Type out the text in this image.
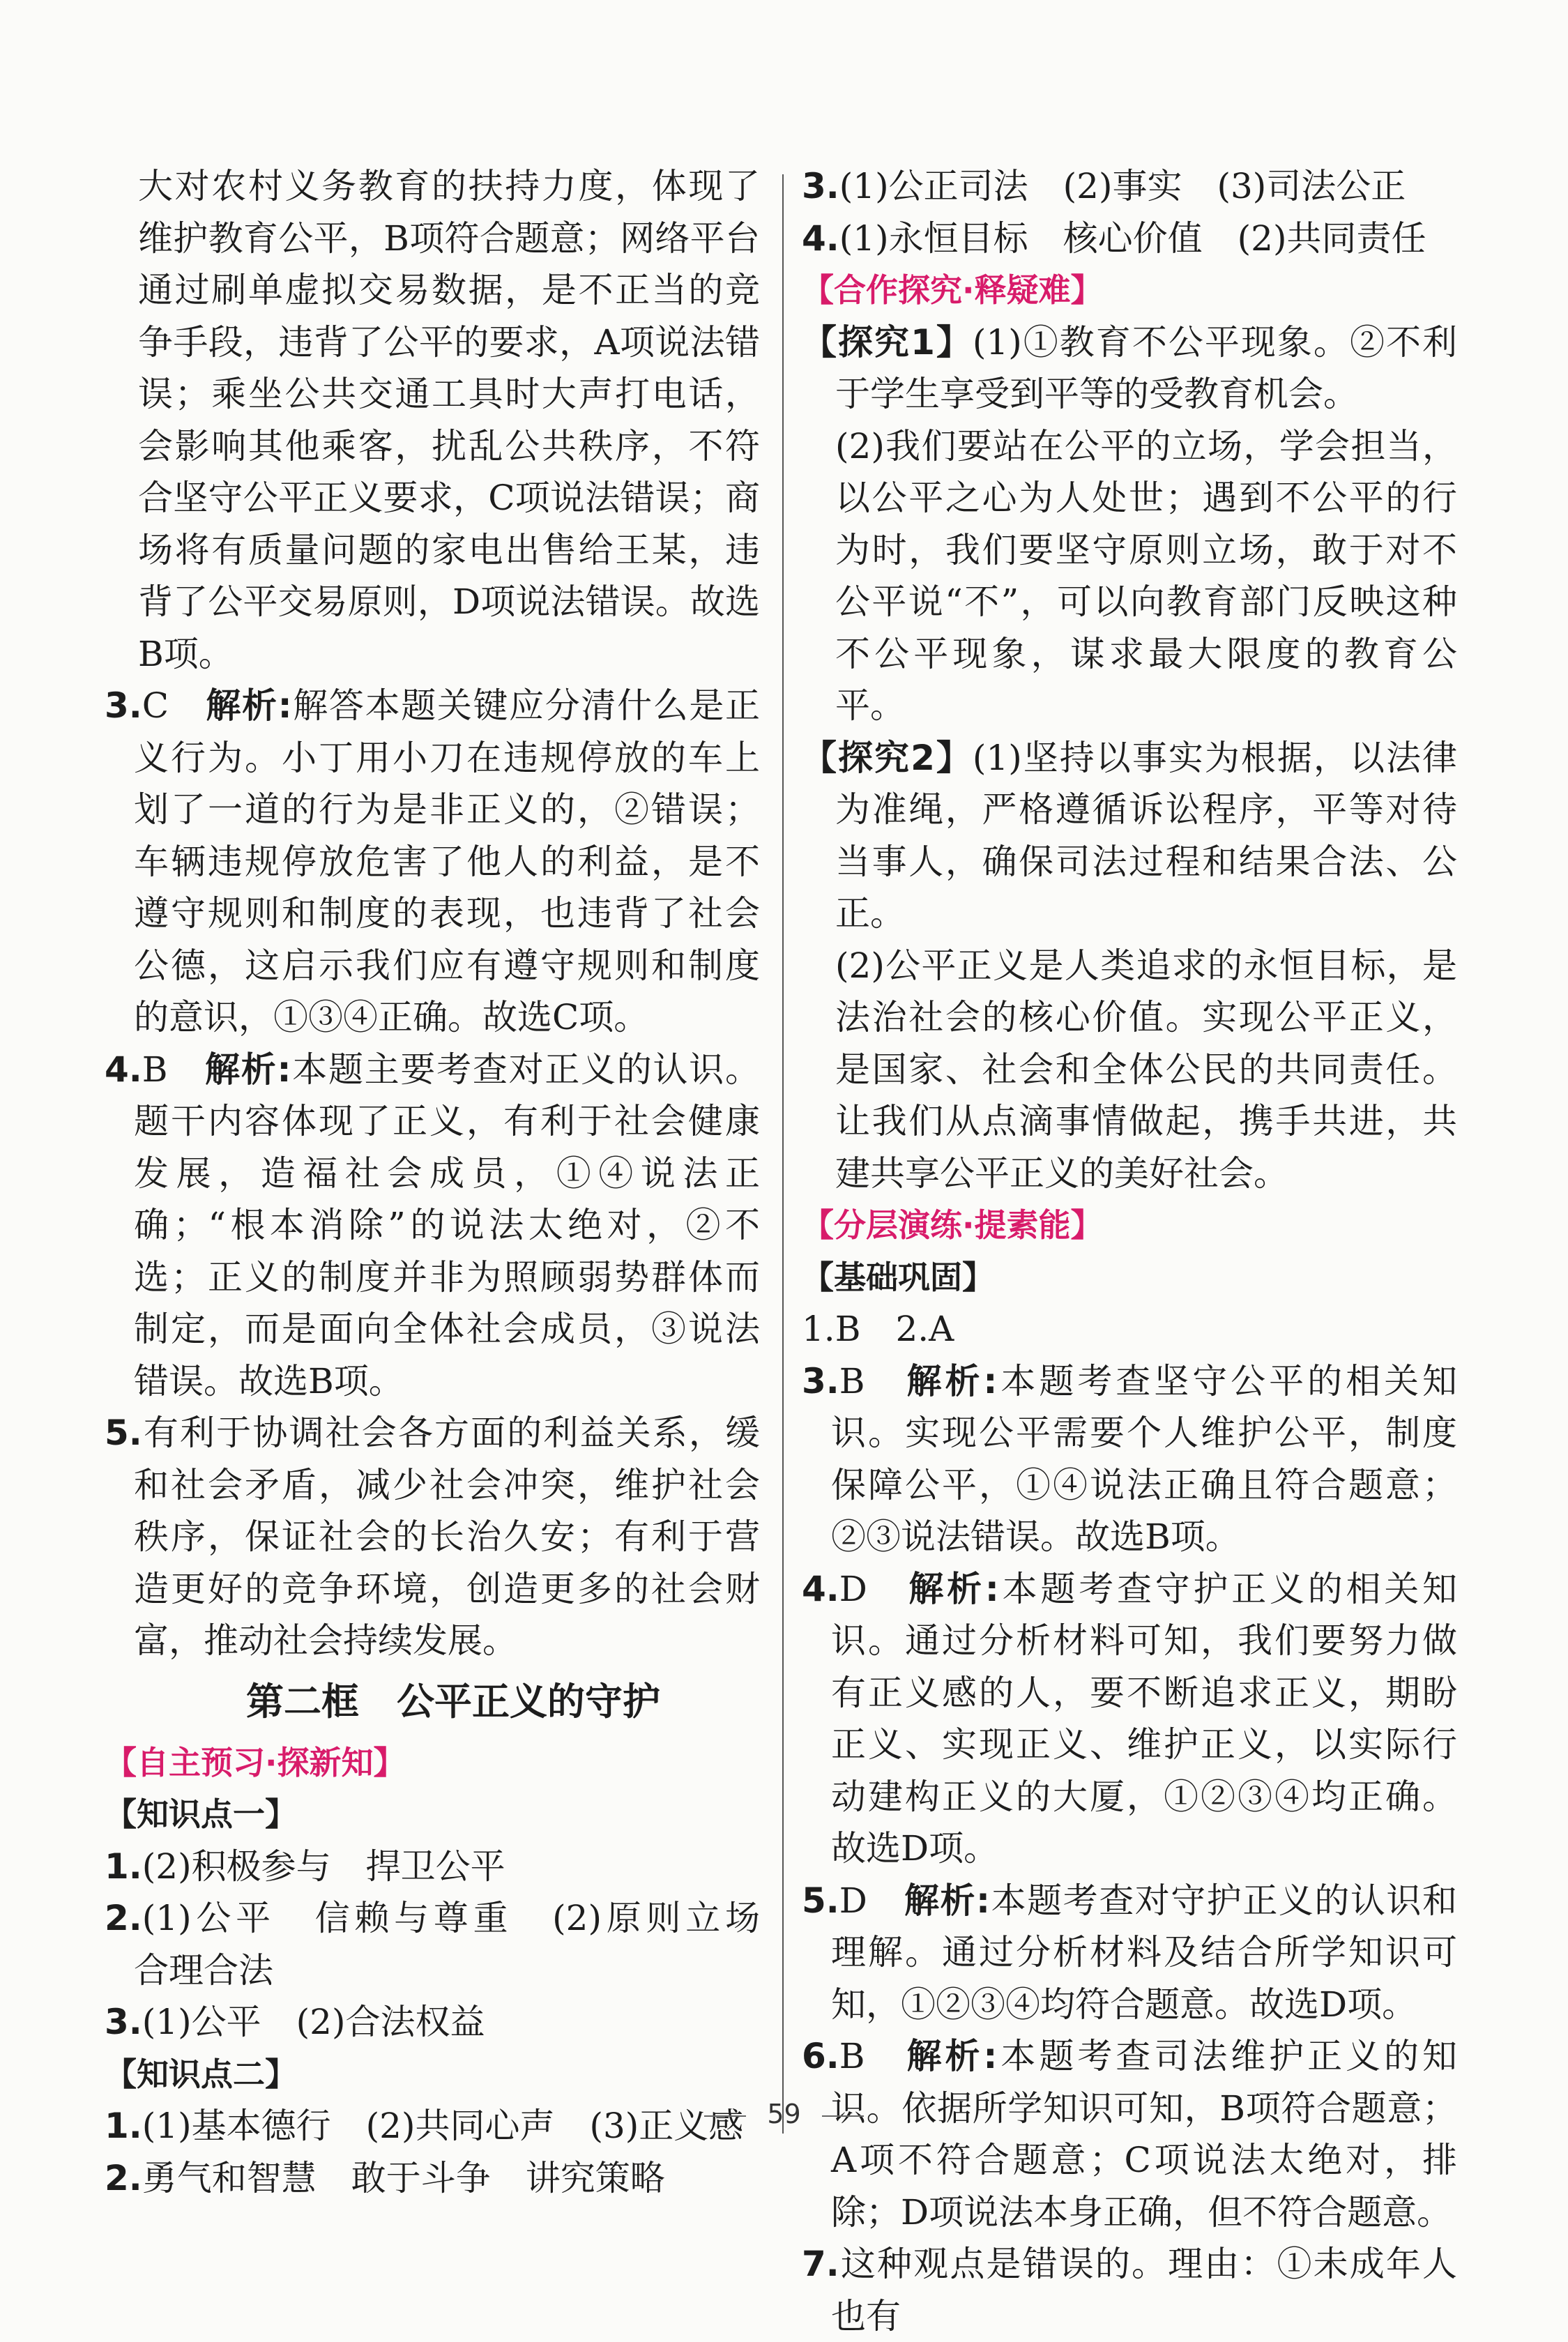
大对农村义务教育的扶持力度，体现了维护教育公平，B项符合题意；网络平台通过刷单虚拟交易数据，是不正当的竞争手段，违背了公平的要求，A项说法错误；乘坐公共交通工具时大声打电话，会影响其他乘客，扰乱公共秩序，不符合坚守公平正义要求，C项说法错误；商场将有质量问题的家电出售给王某，违背了公平交易原则，D项说法错误。故选B项。

3.C　解析:解答本题关键应分清什么是正义行为。小丁用小刀在违规停放的车上划了一道的行为是非正义的，②错误；车辆违规停放危害了他人的利益，是不遵守规则和制度的表现，也违背了社会公德，这启示我们应有遵守规则和制度的意识，①③④正确。故选C项。

4.B　解析:本题主要考查对正义的认识。题干内容体现了正义，有利于社会健康发展，造福社会成员，①④说法正确；“根本消除”的说法太绝对，②不选；正义的制度并非为照顾弱势群体而制定，而是面向全体社会成员，③说法错误。故选B项。

5.有利于协调社会各方面的利益关系，缓和社会矛盾，减少社会冲突，维护社会秩序，保证社会的长治久安；有利于营造更好的竞争环境，创造更多的社会财富，推动社会持续发展。

第二框　公平正义的守护

【自主预习·探新知】

【知识点一】

1.(2)积极参与　捍卫公平

2.(1)公平　信赖与尊重　(2)原则立场　合理合法

3.(1)公平　(2)合法权益

【知识点二】

1.(1)基本德行　(2)共同心声　(3)正义感

2.勇气和智慧　敢于斗争　讲究策略

3.(1)公正司法　(2)事实　(3)司法公正

4.(1)永恒目标　核心价值　(2)共同责任

【合作探究·释疑难】

【探究1】(1)①教育不公平现象。②不利于学生享受到平等的受教育机会。

(2)我们要站在公平的立场，学会担当，以公平之心为人处世；遇到不公平的行为时，我们要坚守原则立场，敢于对不公平说“不”，可以向教育部门反映这种不公平现象，谋求最大限度的教育公平。

【探究2】(1)坚持以事实为根据，以法律为准绳，严格遵循诉讼程序，平等对待当事人，确保司法过程和结果合法、公正。

(2)公平正义是人类追求的永恒目标，是法治社会的核心价值。实现公平正义，是国家、社会和全体公民的共同责任。让我们从点滴事情做起，携手共进，共建共享公平正义的美好社会。

【分层演练·提素能】

【基础巩固】

1.B　2.A

3.B　解析:本题考查坚守公平的相关知识。实现公平需要个人维护公平，制度保障公平，①④说法正确且符合题意；②③说法错误。故选B项。

4.D　解析:本题考查守护正义的相关知识。通过分析材料可知，我们要努力做有正义感的人，要不断追求正义，期盼正义、实现正义、维护正义，以实际行动建构正义的大厦，①②③④均正确。故选D项。

5.D　解析:本题考查对守护正义的认识和理解。通过分析材料及结合所学知识可知，①②③④均符合题意。故选D项。

6.B　解析:本题考查司法维护正义的知识。依据所学知识可知，B项符合题意；A项不符合题意；C项说法太绝对，排除；D项说法本身正确，但不符合题意。

7.这种观点是错误的。理由：①未成年人也有

59
